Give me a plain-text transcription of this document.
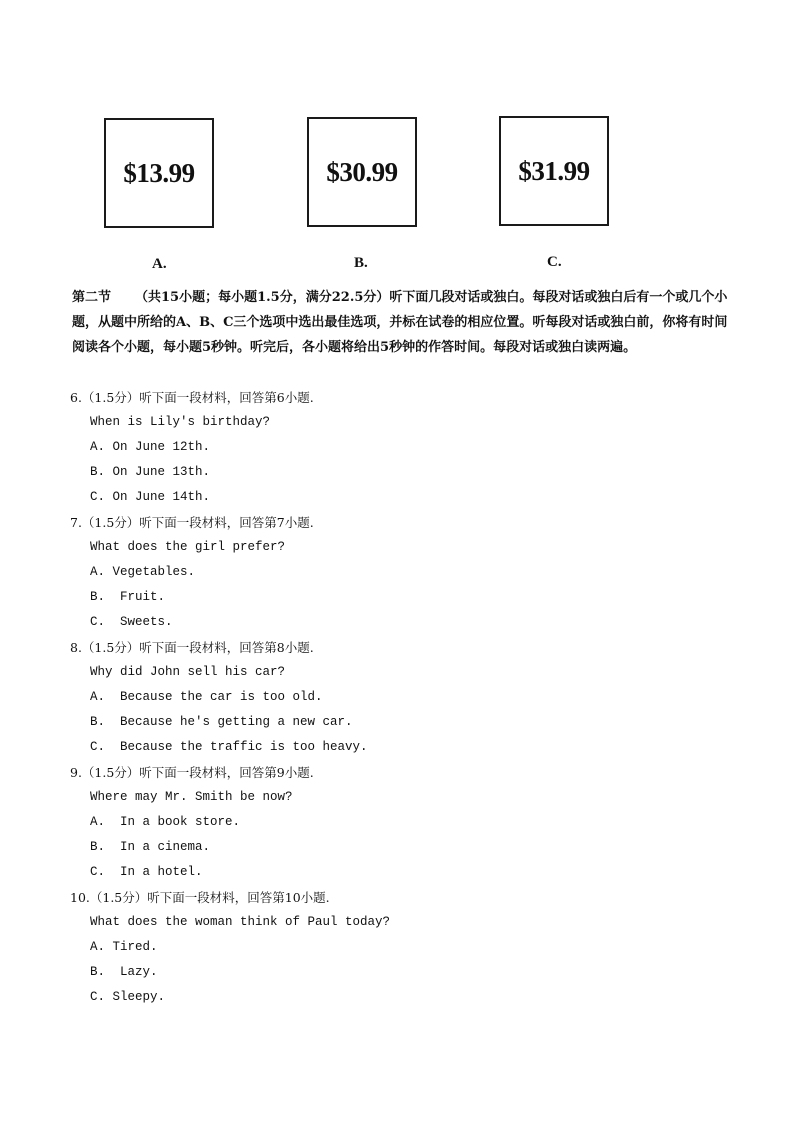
$13.99	$30.99	$31.99
A.	B.	C.
第二节 （共15小题；每小题1.5分，满分22.5分）听下面几段对话或独白。每段对话或独白后有一个或几个小题，从题中所给的A、B、C三个选项中选出最佳选项，并标在试卷的相应位置。听每段对话或独白前，你将有时间阅读各个小题，每小题5秒钟。听完后，各小题将给出5秒钟的作答时间。每段对话或独白读两遍。
6.（1.5分）听下面一段材料，回答第6小题.
When is Lily's birthday?
A. On June 12th.
B. On June 13th.
C. On June 14th.
7.（1.5分）听下面一段材料，回答第7小题.
What does the girl prefer?
A. Vegetables.
B.  Fruit.
C.  Sweets.
8.（1.5分）听下面一段材料，回答第8小题.
Why did John sell his car?
A.  Because the car is too old.
B.  Because he's getting a new car.
C.  Because the traffic is too heavy.
9.（1.5分）听下面一段材料，回答第9小题.
Where may Mr. Smith be now?
A.  In a book store.
B.  In a cinema.
C.  In a hotel.
10.（1.5分）听下面一段材料，回答第10小题.
What does the woman think of Paul today?
A. Tired.
B.  Lazy.
C. Sleepy.
